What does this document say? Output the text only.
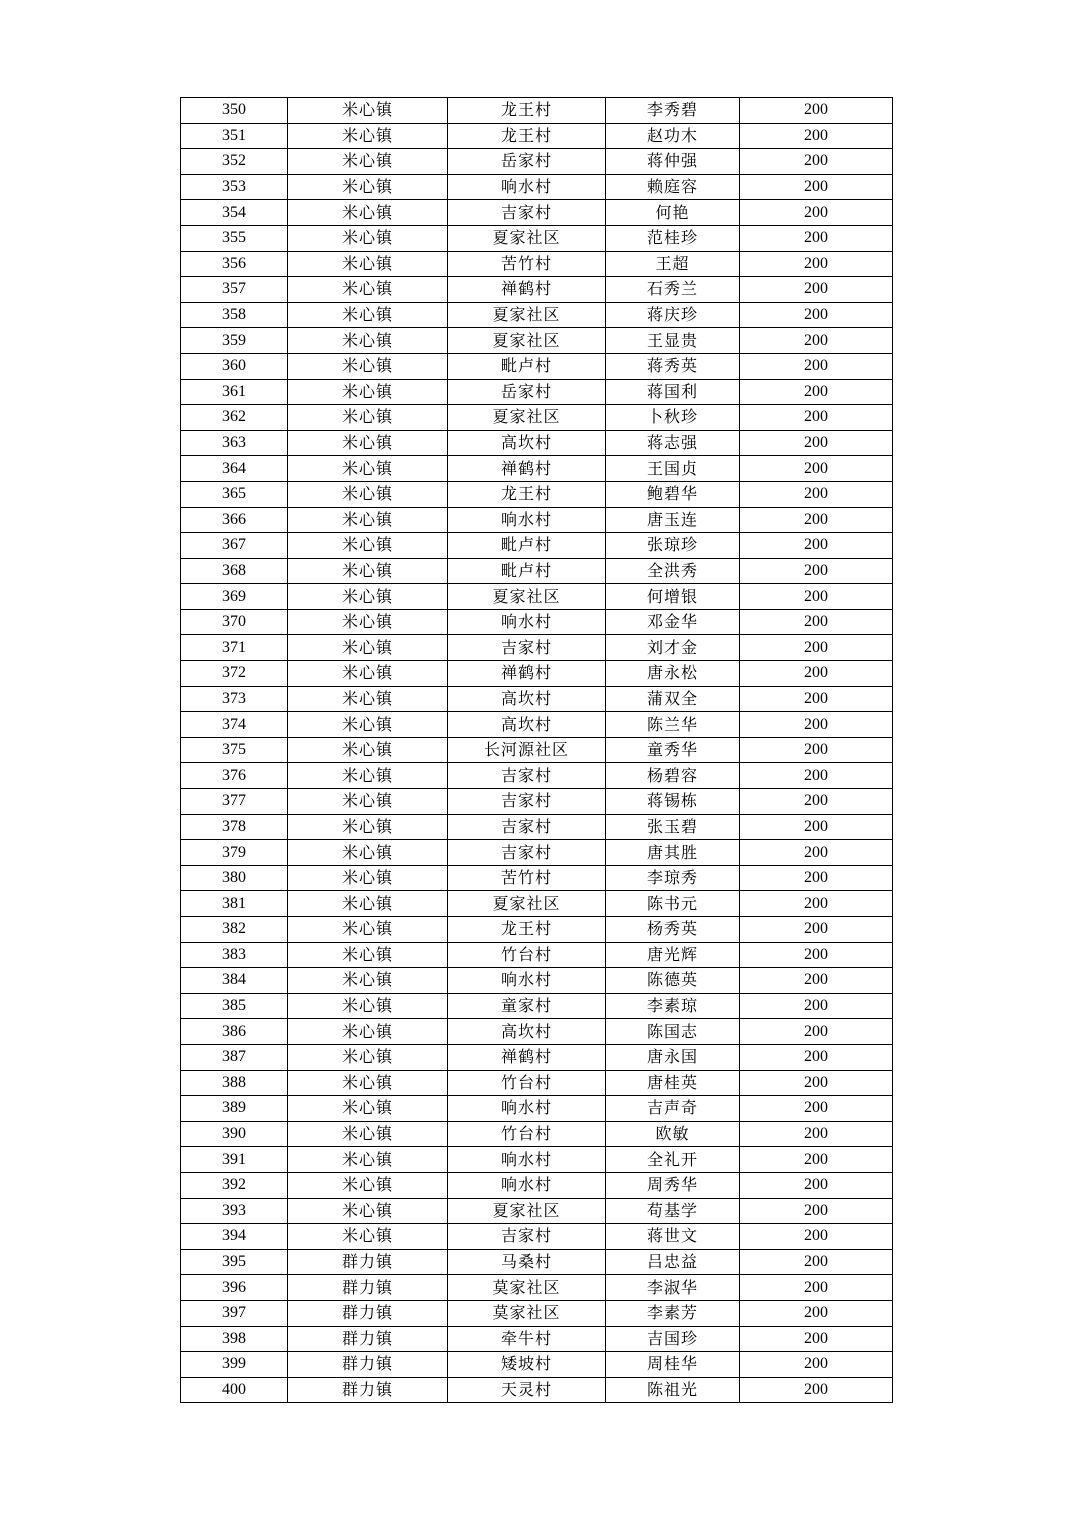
350	米心镇	龙王村	李秀碧	200
351	米心镇	龙王村	赵功木	200
352	米心镇	岳家村	蒋仲强	200
353	米心镇	响水村	赖庭容	200
354	米心镇	吉家村	何艳	200
355	米心镇	夏家社区	范桂珍	200
356	米心镇	苦竹村	王超	200
357	米心镇	禅鹤村	石秀兰	200
358	米心镇	夏家社区	蒋庆珍	200
359	米心镇	夏家社区	王显贵	200
360	米心镇	毗卢村	蒋秀英	200
361	米心镇	岳家村	蒋国利	200
362	米心镇	夏家社区	卜秋珍	200
363	米心镇	高坎村	蒋志强	200
364	米心镇	禅鹤村	王国贞	200
365	米心镇	龙王村	鲍碧华	200
366	米心镇	响水村	唐玉连	200
367	米心镇	毗卢村	张琼珍	200
368	米心镇	毗卢村	全洪秀	200
369	米心镇	夏家社区	何增银	200
370	米心镇	响水村	邓金华	200
371	米心镇	吉家村	刘才金	200
372	米心镇	禅鹤村	唐永松	200
373	米心镇	高坎村	蒲双全	200
374	米心镇	高坎村	陈兰华	200
375	米心镇	长河源社区	童秀华	200
376	米心镇	吉家村	杨碧容	200
377	米心镇	吉家村	蒋锡栋	200
378	米心镇	吉家村	张玉碧	200
379	米心镇	吉家村	唐其胜	200
380	米心镇	苦竹村	李琼秀	200
381	米心镇	夏家社区	陈书元	200
382	米心镇	龙王村	杨秀英	200
383	米心镇	竹台村	唐光辉	200
384	米心镇	响水村	陈德英	200
385	米心镇	童家村	李素琼	200
386	米心镇	高坎村	陈国志	200
387	米心镇	禅鹤村	唐永国	200
388	米心镇	竹台村	唐桂英	200
389	米心镇	响水村	吉声奇	200
390	米心镇	竹台村	欧敏	200
391	米心镇	响水村	全礼开	200
392	米心镇	响水村	周秀华	200
393	米心镇	夏家社区	苟基学	200
394	米心镇	吉家村	蒋世文	200
395	群力镇	马桑村	吕忠益	200
396	群力镇	莫家社区	李淑华	200
397	群力镇	莫家社区	李素芳	200
398	群力镇	牵牛村	吉国珍	200
399	群力镇	矮坡村	周桂华	200
400	群力镇	天灵村	陈祖光	200
